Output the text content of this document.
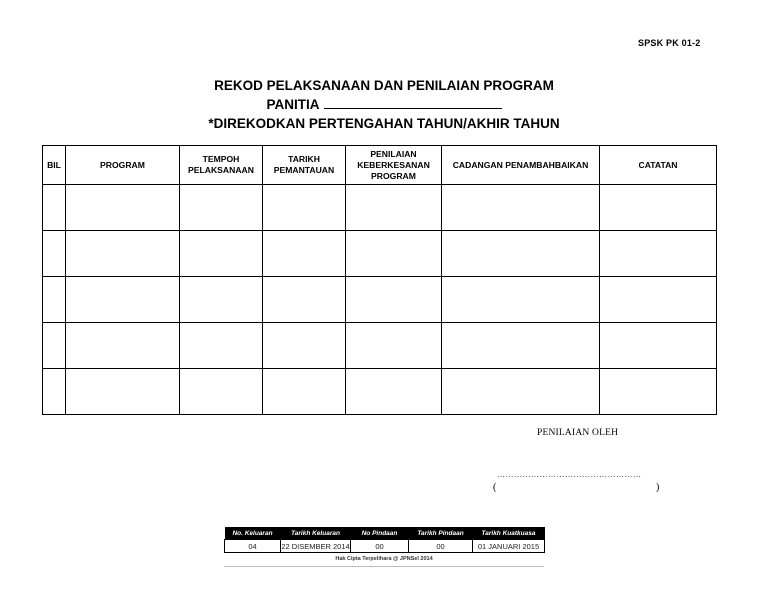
SPSK PK 01-2
REKOD PELAKSANAAN DAN PENILAIAN PROGRAM
PANITIA
*DIREKODKAN PERTENGAHAN TAHUN/AKHIR TAHUN
BIL	PROGRAM	TEMPOH PELAKSANAAN	TARIKH PEMANTAUAN	PENILAIAN KEBERKESANAN PROGRAM	CADANGAN PENAMBAHBAIKAN	CATATAN

PENILAIAN OLEH
……………………………………………
(	)
No. Keluaran	Tarikh Keluaran	No Pindaan	Tarikh Pindaan	Tarikh Kuatkuasa
04	22 DISEMBER 2014	00	00	01 JANUARI 2015
Hak Cipta Terpelihara @ JPNSel 2014
